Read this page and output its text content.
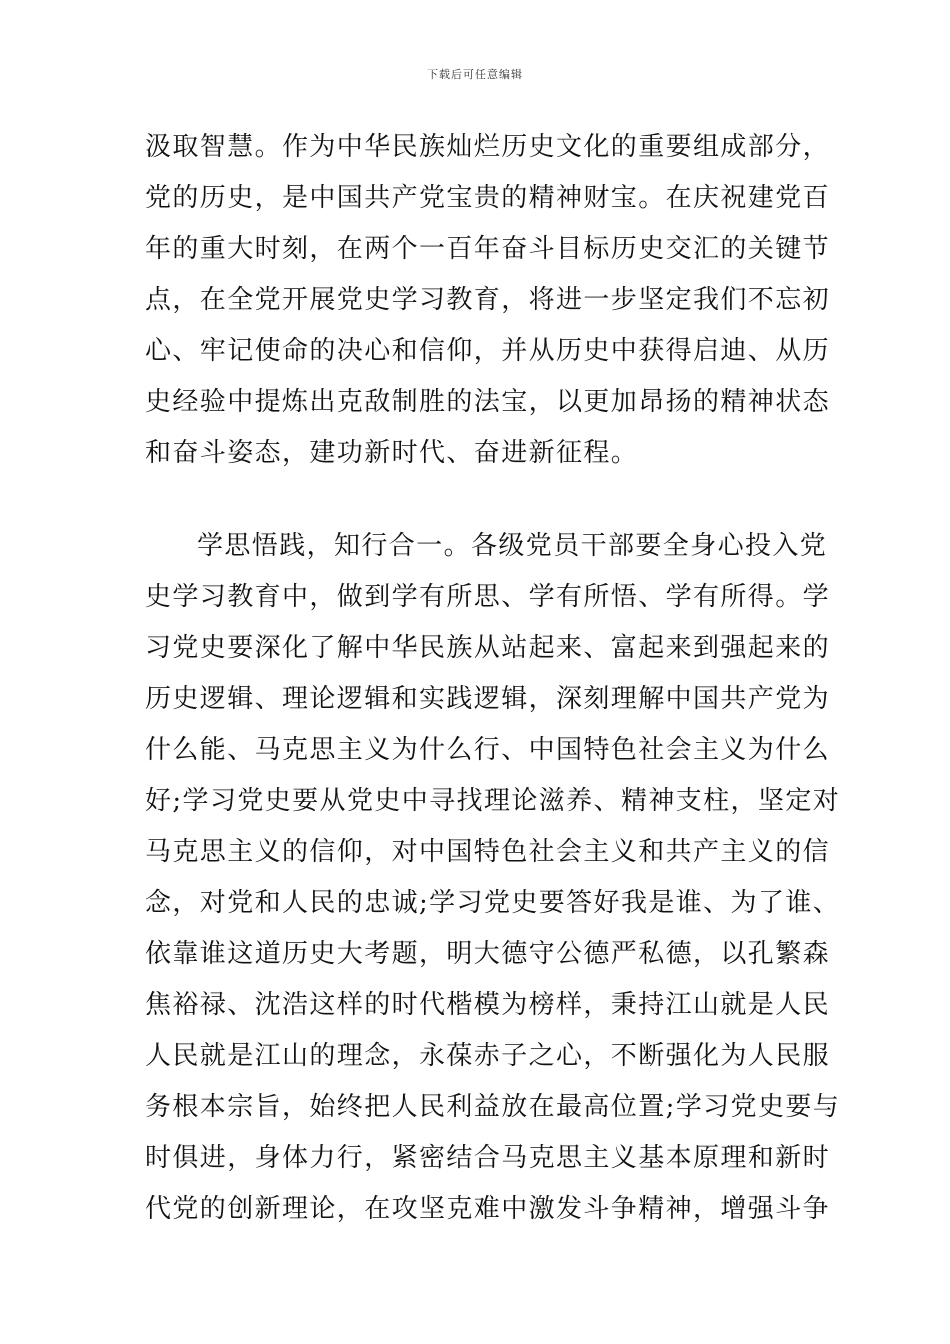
下载后可任意编辑
汲取智慧。作为中华民族灿烂历史文化的重要组成部分，
党的历史，是中国共产党宝贵的精神财宝。在庆祝建党百
年的重大时刻，在两个一百年奋斗目标历史交汇的关键节
点，在全党开展党史学习教育，将进一步坚定我们不忘初
心、牢记使命的决心和信仰，并从历史中获得启迪、从历
史经验中提炼出克敌制胜的法宝，以更加昂扬的精神状态
和奋斗姿态，建功新时代、奋进新征程。
学思悟践，知行合一。各级党员干部要全身心投入党
史学习教育中，做到学有所思、学有所悟、学有所得。学
习党史要深化了解中华民族从站起来、富起来到强起来的
历史逻辑、理论逻辑和实践逻辑，深刻理解中国共产党为
什么能、马克思主义为什么行、中国特色社会主义为什么
好;学习党史要从党史中寻找理论滋养、精神支柱，坚定对
马克思主义的信仰，对中国特色社会主义和共产主义的信
念，对党和人民的忠诚;学习党史要答好我是谁、为了谁、
依靠谁这道历史大考题，明大德守公德严私德，以孔繁森
焦裕禄、沈浩这样的时代楷模为榜样，秉持江山就是人民
人民就是江山的理念，永葆赤子之心，不断强化为人民服
务根本宗旨，始终把人民利益放在最高位置;学习党史要与
时俱进，身体力行，紧密结合马克思主义基本原理和新时
代党的创新理论，在攻坚克难中激发斗争精神，增强斗争
